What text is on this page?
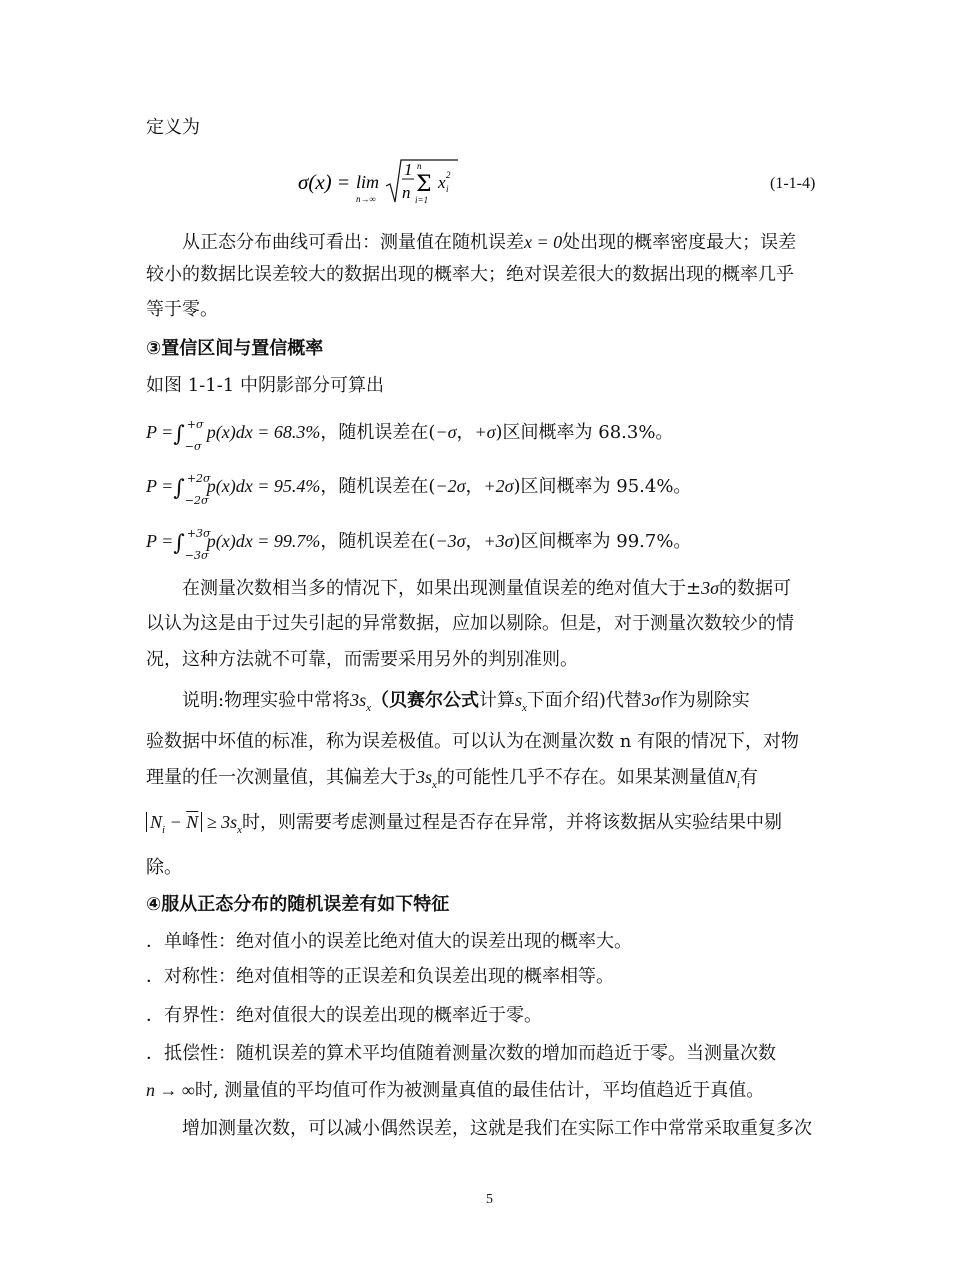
定义为
σ(x) = lim
n→∞
1
n
n
Σ
i=1
x i
2	(1-1-4)
从正态分布曲线可看出：测量值在随机误差x = 0处出现的概率密度最大；误差
较小的数据比误差较大的数据出现的概率大；绝对误差很大的数据出现的概率几乎
等于零。
③置信区间与置信概率
如图 1-1-1 中阴影部分可算出
P =∫ +σ
−σ
p(x)dx = 68.3%，随机误差在(−σ，+σ)区间概率为 68.3%。
P =∫ +2σ
−2σ
p(x)dx = 95.4%，随机误差在(−2σ，+2σ)区间概率为 95.4%。
P =∫ +3σ
−3σ
p(x)dx = 99.7%，随机误差在(−3σ，+3σ)区间概率为 99.7%。
在测量次数相当多的情况下，如果出现测量值误差的绝对值大于±3σ的数据可
以认为这是由于过失引起的异常数据，应加以剔除。但是，对于测量次数较少的情
况，这种方法就不可靠，而需要采用另外的判别准则。
说明:物理实验中常将$3s_x$（贝赛尔公式计算$s_x$下面介绍)代替3σ作为剔除实
验数据中坏值的标准，称为误差极值。可以认为在测量次数 n 有限的情况下，对物
理量的任一次测量值，其偏差大于$3s_x$的可能性几乎不存在。如果某测量值$N_i$有
$N_i - \overline{N} \ge 3s_x$时，则需要考虑测量过程是否存在异常，并将该数据从实验结果中剔
除。
④服从正态分布的随机误差有如下特征
．单峰性：绝对值小的误差比绝对值大的误差出现的概率大。
．对称性：绝对值相等的正误差和负误差出现的概率相等。
．有界性：绝对值很大的误差出现的概率近于零。
．抵偿性：随机误差的算术平均值随着测量次数的增加而趋近于零。当测量次数
n → ∞时, 测量值的平均值可作为被测量真值的最佳估计，平均值趋近于真值。
增加测量次数，可以减小偶然误差，这就是我们在实际工作中常常采取重复多次
5
